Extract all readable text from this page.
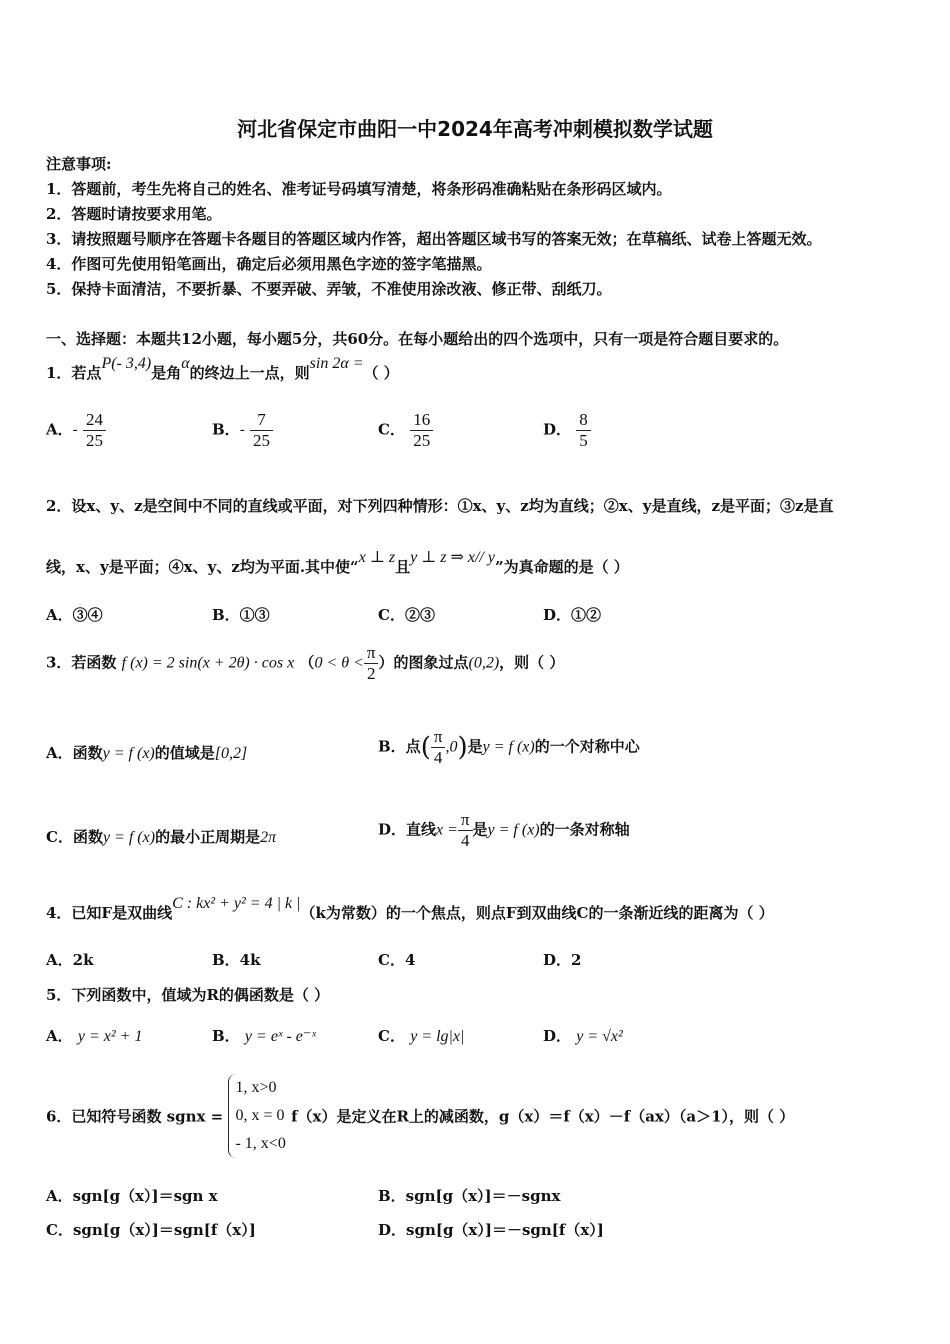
河北省保定市曲阳一中2024年高考冲刺模拟数学试题
注意事项:
1．答题前，考生先将自己的姓名、准考证号码填写清楚，将条形码准确粘贴在条形码区域内。
2．答题时请按要求用笔。
3．请按照题号顺序在答题卡各题目的答题区域内作答，超出答题区域书写的答案无效；在草稿纸、试卷上答题无效。
4．作图可先使用铅笔画出，确定后必须用黑色字迹的签字笔描黑。
5．保持卡面清洁，不要折暴、不要弄破、弄皱，不准使用涂改液、修正带、刮纸刀。
一、选择题：本题共12小题，每小题5分，共60分。在每小题给出的四个选项中，只有一项是符合题目要求的。
1．若点P(- 3,4)是角α的终边上一点，则sin 2α =（ ）
A．- $\frac{24}{25}$	B．- $\frac{7}{25}$	C． $\frac{16}{25}$	D． $\frac{8}{5}$
2．设x、y、z是空间中不同的直线或平面，对下列四种情形：①x、y、z均为直线；②x、y是直线，z是平面；③z是直
线，x、y是平面；④x、y、z均为平面.其中使“x ⊥ z且y ⊥ z ⇒ x// y”为真命题的是（ ）
A．③④	B．①③	C．②③	D．①②
3．若函数 f (x) = 2 sin(x + 2θ) · cos x （$0 < \theta < \frac{\pi}{2}$ ）的图象过点(0,2)，则（ ）
A．函数y = f (x)的值域是[0,2]	B．点( $\frac{\pi}{4} ,0$)是y = f (x)的一个对称中心
C．函数y = f (x)的最小正周期是2π	D．直线$x = \frac{\pi}{4}$ 是y = f (x)的一条对称轴
4．已知F是双曲线C : kx² + y² = 4 | k |（k为常数）的一个焦点，则点F到双曲线C的一条渐近线的距离为（ ）
A．2k	B．4k	C．4	D．2
5．下列函数中，值域为R的偶函数是（ ）
A． y = x² + 1	B． y = eˣ - e⁻ˣ	C． y = lg|x|	D． y = √x²
6．已知符号函数 sgnx =
1, x>0
0, x = 0
- 1, x<0
f（x）是定义在R上的减函数，g（x）＝f（x）－f（ax）（a＞1），则（ ）
A．sgn[g（x）]＝sgn x	B．sgn[g（x）]＝－sgnx
C．sgn[g（x）]＝sgn[f（x）]	D．sgn[g（x）]＝－sgn[f（x）]
